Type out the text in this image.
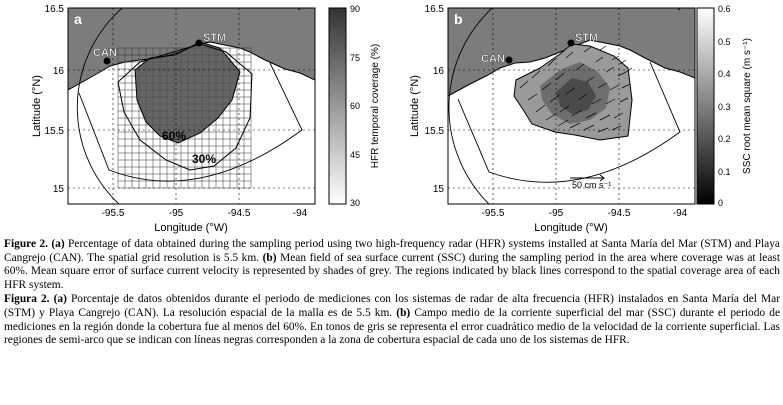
a
STM
CAN
60%
30%
16.5
16
15.5
15
-95.5	-95	-94.5	-94
Latitude (°N)
Longitude (°W)
90
75
60
45
30
HFR temporal coverage (%)
b
STM
CAN
50 cm s⁻¹
16.5
16
15.5
15
-95.5	-95	-94.5	-94
Latitude (°N)
Longitude (°W)
0.6
0.5
0.4
0.3
0.2
0.1
0
SSC root mean square (m s⁻¹)

Figure 2. (a) Percentage of data obtained during the sampling period using two high-frequency radar (HFR) systems installed at Santa María del Mar (STM) and Playa Cangrejo (CAN). The spatial grid resolution is 5.5 km. (b) Mean field of sea surface current (SSC) during the sampling period in the area where coverage was at least 60%. Mean square error of surface current velocity is represented by shades of grey. The regions indicated by black lines correspond to the spatial coverage area of each HFR system.

Figura 2. (a) Porcentaje de datos obtenidos durante el periodo de mediciones con los sistemas de radar de alta frecuencia (HFR) instalados en Santa María del Mar (STM) y Playa Cangrejo (CAN). La resolución espacial de la malla es de 5.5 km. (b) Campo medio de la corriente superficial del mar (SSC) durante el periodo de mediciones en la región donde la cobertura fue al menos del 60%. En tonos de gris se representa el error cuadrático medio de la velocidad de la corriente superficial. Las regiones de semi-arco que se indican con líneas negras corresponden a la zona de cobertura espacial de cada uno de los sistemas de HFR.
